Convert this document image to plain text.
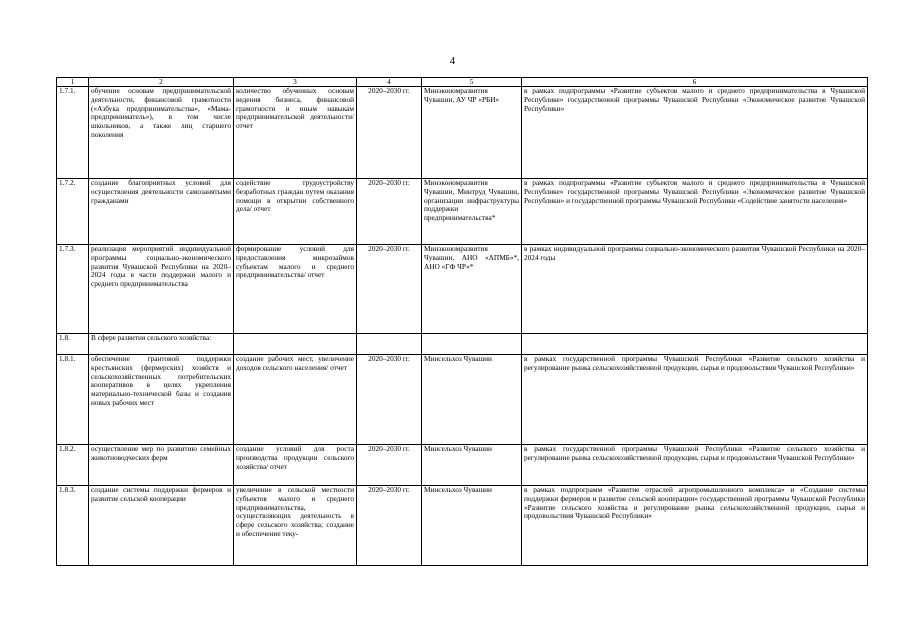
4
1	2	3	4	5	6
1.7.1.	обучение основам предпринимательской деятельности, финансовой грамотности («Азбука предпринимательства», «Мама-предприниматель»), в том числе школьников, а также лиц старшего поколения	количество обученных основам ведения бизнеса, финансовой грамотности и иным навыкам предпринимательской деятельности/ отчет	2020–2030 гг.	Минэкономразвития Чувашии, АУ ЧР «РБИ»	в рамках подпрограммы «Развитие субъектов малого и среднего предпринимательства в Чувашской Республике» государственной программы Чувашской Республики «Экономическое развитие Чувашской Республики»
1.7.2.	создание благоприятных условий для осуществления деятельности самозанятыми гражданами	содействие трудоустройству безработных граждан путем оказания помощи в открытии собственного дела/ отчет	2020–2030 гг.	Минэкономразвития Чувашии, Минтруд Чувашии, организации инфраструктуры поддержки предпринимательства*	в рамках подпрограммы «Развитие субъектов малого и среднего предпринимательства в Чувашской Республике» государственной программы Чувашской Республики «Экономическое развитие Чувашской Республики» и государственной программы Чувашской Республики «Содействие занятости населения»
1.7.3.	реализация мероприятий индивидуальной программы социально-экономического развития Чувашской Республики на 2020–2024 годы в части поддержки малого и среднего предпринимательства	формирование условий для предоставления микрозаймов субъектам малого и среднего предпринимательства/ отчет	2020–2030 гг.	Минэкономразвития Чувашии, АНО «АПМБ»*, АНО «ГФ ЧР»*	в рамках индивидуальной программы социально-экономического развития Чувашской Республики на 2020–2024 годы
1.8.	В сфере развития сельского хозяйства:				
1.8.1.	обеспечение грантовой поддержки крестьянских (фермерских) хозяйств и сельскохозяйственных потребительских кооперативов в целях укрепления материально-технической базы и создания новых рабочих мест	создание рабочих мест, увеличение доходов сельского населения/ отчет	2020–2030 гг.	Минсельхоз Чувашии	в рамках государственной программы Чувашской Республики «Развитие сельского хозяйства и регулирование рынка сельскохозяйственной продукции, сырья и продовольствия Чувашской Республики»
1.8.2.	осуществление мер по развитию семейных животноводческих ферм	создание условий для роста производства продукции сельского хозяйства/ отчет	2020–2030 гг.	Минсельхоз Чувашии	в рамках государственной программы Чувашской Республики «Развитие сельского хозяйства и регулирование рынка сельскохозяйственной продукции, сырья и продовольствия Чувашской Республики»
1.8.3.	создание системы поддержки фермеров и развитие сельской кооперации	увеличение в сельской местности субъектов малого и среднего предпринимательства, осуществляющих деятельность в сфере сельского хозяйства; создание и обеспечение теку-	2020–2030 гг.	Минсельхоз Чувашии	в рамках подпрограмм «Развитие отраслей агропромышленного комплекса» и «Создание системы поддержки фермеров и развитие сельской кооперации» государственной программы Чувашской Республики «Развитие сельского хозяйства и регулирование рынка сельскохозяйственной продукции, сырья и продовольствия Чувашской Республики»
